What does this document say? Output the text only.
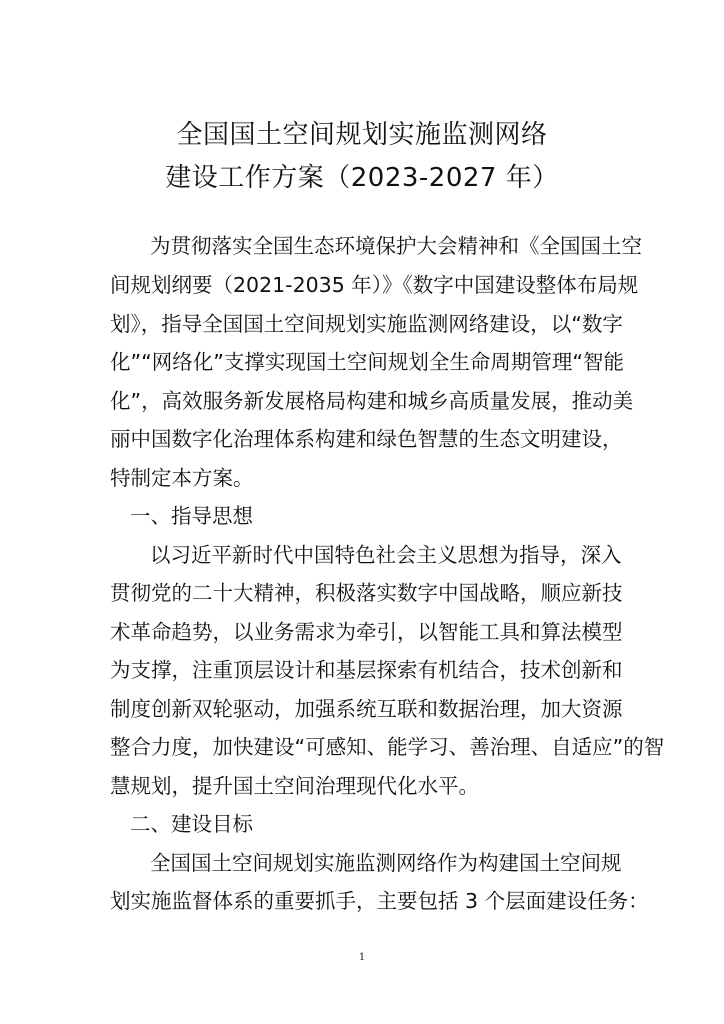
全国国土空间规划实施监测网络
建设工作方案（2023-2027 年）

为贯彻落实全国生态环境保护大会精神和《全国国土空

间规划纲要（2021-2035 年）》《数字中国建设整体布局规

划》，指导全国国土空间规划实施监测网络建设，以“数字

化”“网络化”支撑实现国土空间规划全生命周期管理“智能

化”，高效服务新发展格局构建和城乡高质量发展，推动美

丽中国数字化治理体系构建和绿色智慧的生态文明建设，

特制定本方案。

一、指导思想

以习近平新时代中国特色社会主义思想为指导，深入

贯彻党的二十大精神，积极落实数字中国战略，顺应新技

术革命趋势，以业务需求为牵引，以智能工具和算法模型

为支撑，注重顶层设计和基层探索有机结合，技术创新和

制度创新双轮驱动，加强系统互联和数据治理，加大资源

整合力度，加快建设“可感知、能学习、善治理、自适应”的智

慧规划，提升国土空间治理现代化水平。

二、建设目标

全国国土空间规划实施监测网络作为构建国土空间规

划实施监督体系的重要抓手，主要包括 3 个层面建设任务：

1
